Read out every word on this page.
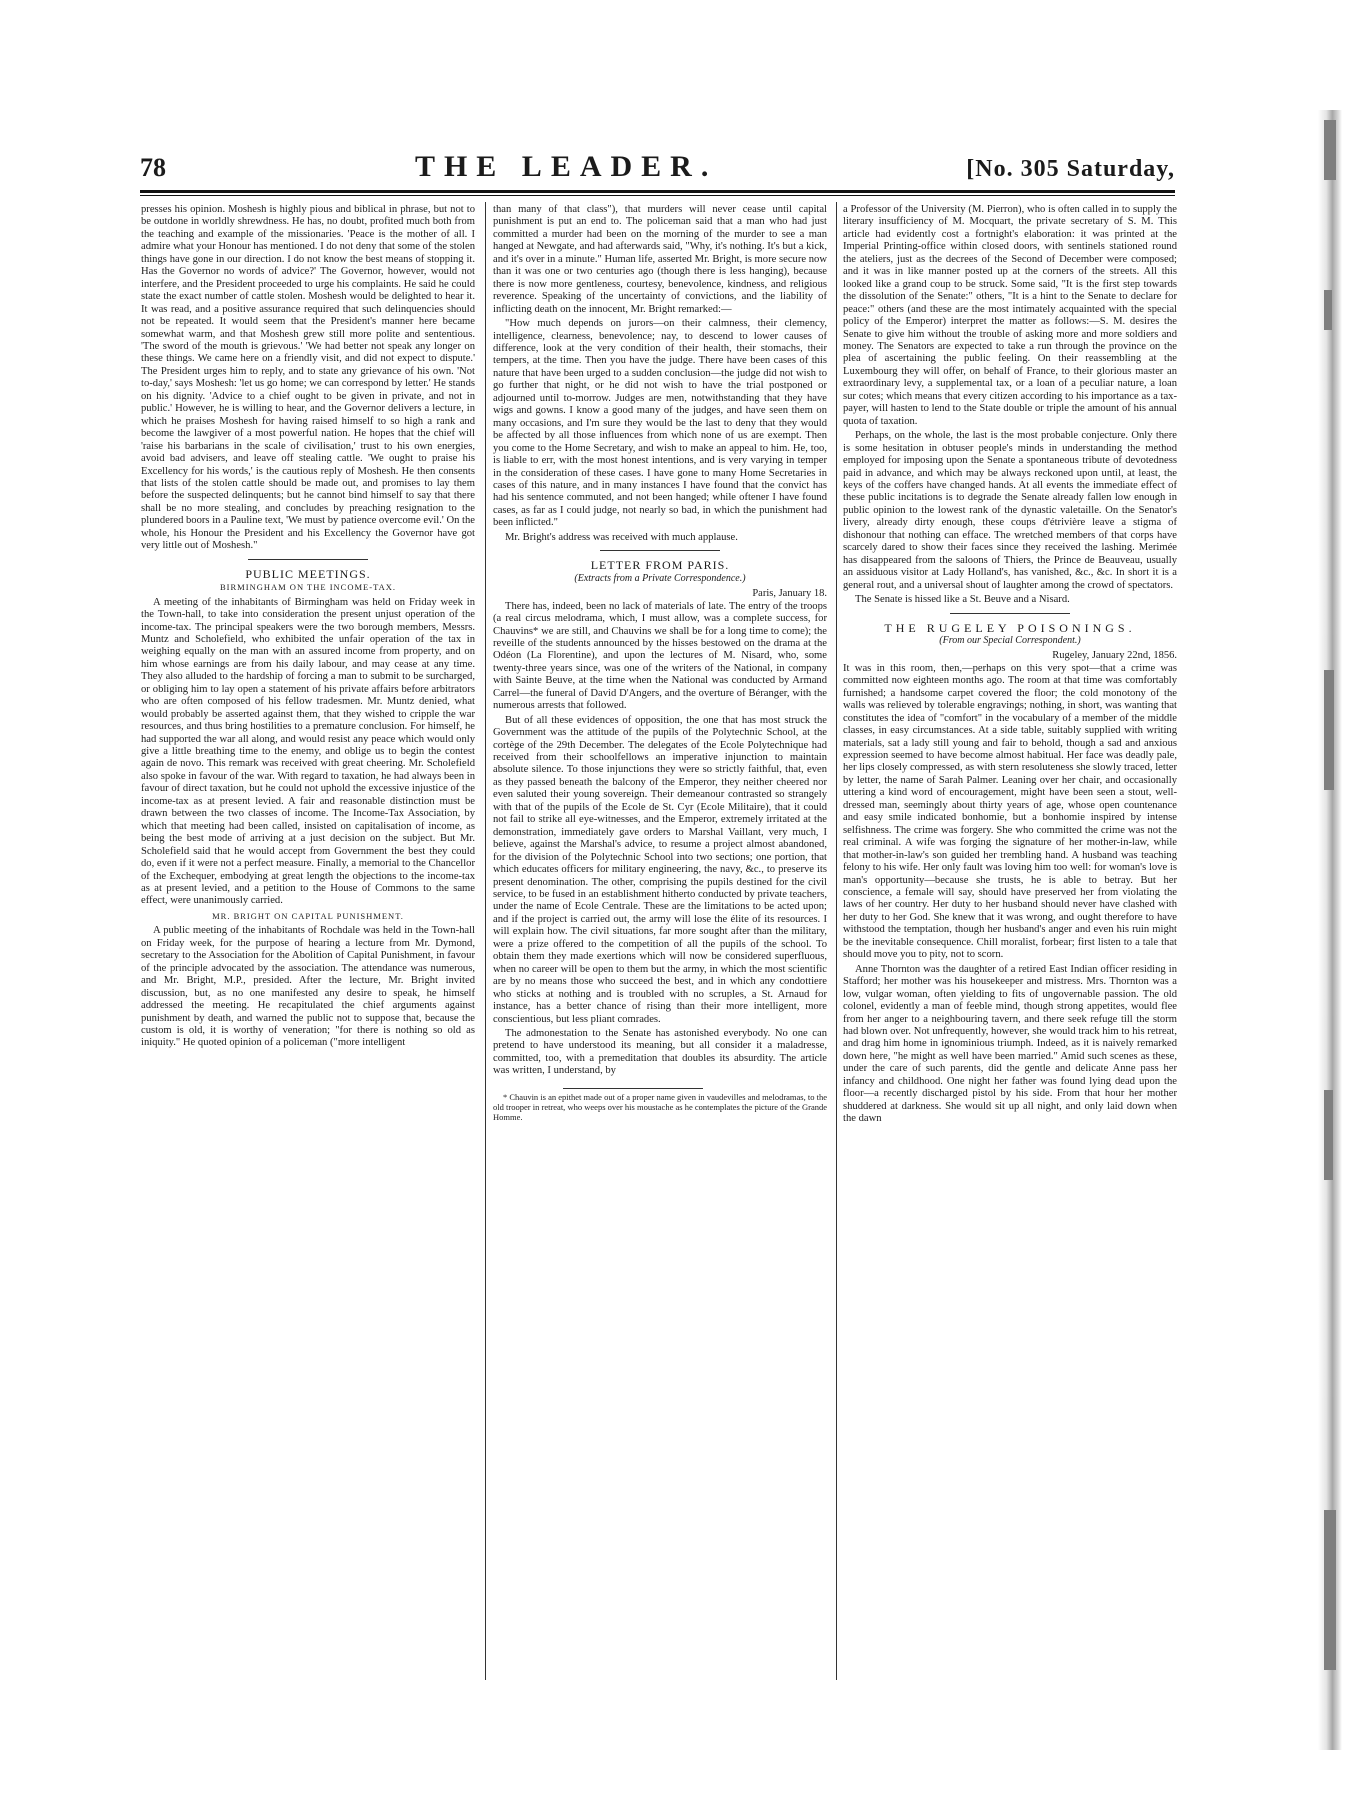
78	THE LEADER.	[No. 305 Saturday,

presses his opinion. Moshesh is highly pious and biblical in phrase, but not to be outdone in worldly shrewdness. He has, no doubt, profited much both from the teaching and example of the missionaries. 'Peace is the mother of all. I admire what your Honour has mentioned. I do not deny that some of the stolen things have gone in our direction. I do not know the best means of stopping it. Has the Governor no words of advice?' The Governor, however, would not interfere, and the President proceeded to urge his complaints. He said he could state the exact number of cattle stolen. Moshesh would be delighted to hear it. It was read, and a positive assurance required that such delinquencies should not be repeated. It would seem that the President's manner here became somewhat warm, and that Moshesh grew still more polite and sententious. 'The sword of the mouth is grievous.' 'We had better not speak any longer on these things. We came here on a friendly visit, and did not expect to dispute.' The President urges him to reply, and to state any grievance of his own. 'Not to-day,' says Moshesh: 'let us go home; we can correspond by letter.' He stands on his dignity. 'Advice to a chief ought to be given in private, and not in public.' However, he is willing to hear, and the Governor delivers a lecture, in which he praises Moshesh for having raised himself to so high a rank and become the lawgiver of a most powerful nation. He hopes that the chief will 'raise his barbarians in the scale of civilisation,' trust to his own energies, avoid bad advisers, and leave off stealing cattle. 'We ought to praise his Excellency for his words,' is the cautious reply of Moshesh. He then consents that lists of the stolen cattle should be made out, and promises to lay them before the suspected delinquents; but he cannot bind himself to say that there shall be no more stealing, and concludes by preaching resignation to the plundered boors in a Pauline text, 'We must by patience overcome evil.' On the whole, his Honour the President and his Excellency the Governor have got very little out of Moshesh."

PUBLIC MEETINGS.
BIRMINGHAM ON THE INCOME-TAX.

A meeting of the inhabitants of Birmingham was held on Friday week in the Town-hall, to take into consideration the present unjust operation of the income-tax. The principal speakers were the two borough members, Messrs. Muntz and Scholefield, who exhibited the unfair operation of the tax in weighing equally on the man with an assured income from property, and on him whose earnings are from his daily labour, and may cease at any time. They also alluded to the hardship of forcing a man to submit to be surcharged, or obliging him to lay open a statement of his private affairs before arbitrators who are often composed of his fellow tradesmen. Mr. Muntz denied, what would probably be asserted against them, that they wished to cripple the war resources, and thus bring hostilities to a premature conclusion. For himself, he had supported the war all along, and would resist any peace which would only give a little breathing time to the enemy, and oblige us to begin the contest again de novo. This remark was received with great cheering. Mr. Scholefield also spoke in favour of the war. With regard to taxation, he had always been in favour of direct taxation, but he could not uphold the excessive injustice of the income-tax as at present levied. A fair and reasonable distinction must be drawn between the two classes of income. The Income-Tax Association, by which that meeting had been called, insisted on capitalisation of income, as being the best mode of arriving at a just decision on the subject. But Mr. Scholefield said that he would accept from Government the best they could do, even if it were not a perfect measure. Finally, a memorial to the Chancellor of the Exchequer, embodying at great length the objections to the income-tax as at present levied, and a petition to the House of Commons to the same effect, were unanimously carried.

MR. BRIGHT ON CAPITAL PUNISHMENT.

A public meeting of the inhabitants of Rochdale was held in the Town-hall on Friday week, for the purpose of hearing a lecture from Mr. Dymond, secretary to the Association for the Abolition of Capital Punishment, in favour of the principle advocated by the association. The attendance was numerous, and Mr. Bright, M.P., presided. After the lecture, Mr. Bright invited discussion, but, as no one manifested any desire to speak, he himself addressed the meeting. He recapitulated the chief arguments against punishment by death, and warned the public not to suppose that, because the custom is old, it is worthy of veneration; "for there is nothing so old as iniquity." He quoted opinion of a policeman ("more intelligent

than many of that class"), that murders will never cease until capital punishment is put an end to. The policeman said that a man who had just committed a murder had been on the morning of the murder to see a man hanged at Newgate, and had afterwards said, "Why, it's nothing. It's but a kick, and it's over in a minute." Human life, asserted Mr. Bright, is more secure now than it was one or two centuries ago (though there is less hanging), because there is now more gentleness, courtesy, benevolence, kindness, and religious reverence. Speaking of the uncertainty of convictions, and the liability of inflicting death on the innocent, Mr. Bright remarked:—

"How much depends on jurors—on their calmness, their clemency, intelligence, clearness, benevolence; nay, to descend to lower causes of difference, look at the very condition of their health, their stomachs, their tempers, at the time. Then you have the judge. There have been cases of this nature that have been urged to a sudden conclusion—the judge did not wish to go further that night, or he did not wish to have the trial postponed or adjourned until to-morrow. Judges are men, notwithstanding that they have wigs and gowns. I know a good many of the judges, and have seen them on many occasions, and I'm sure they would be the last to deny that they would be affected by all those influences from which none of us are exempt. Then you come to the Home Secretary, and wish to make an appeal to him. He, too, is liable to err, with the most honest intentions, and is very varying in temper in the consideration of these cases. I have gone to many Home Secretaries in cases of this nature, and in many instances I have found that the convict has had his sentence commuted, and not been hanged; while oftener I have found cases, as far as I could judge, not nearly so bad, in which the punishment had been inflicted."

Mr. Bright's address was received with much applause.

LETTER FROM PARIS.
(Extracts from a Private Correspondence.)
Paris, January 18.

There has, indeed, been no lack of materials of late. The entry of the troops (a real circus melodrama, which, I must allow, was a complete success, for Chauvins* we are still, and Chauvins we shall be for a long time to come); the reveille of the students announced by the hisses bestowed on the drama at the Odéon (La Florentine), and upon the lectures of M. Nisard, who, some twenty-three years since, was one of the writers of the National, in company with Sainte Beuve, at the time when the National was conducted by Armand Carrel—the funeral of David D'Angers, and the overture of Béranger, with the numerous arrests that followed.

But of all these evidences of opposition, the one that has most struck the Government was the attitude of the pupils of the Polytechnic School, at the cortège of the 29th December. The delegates of the Ecole Polytechnique had received from their schoolfellows an imperative injunction to maintain absolute silence. To those injunctions they were so strictly faithful, that, even as they passed beneath the balcony of the Emperor, they neither cheered nor even saluted their young sovereign. Their demeanour contrasted so strangely with that of the pupils of the Ecole de St. Cyr (Ecole Militaire), that it could not fail to strike all eye-witnesses, and the Emperor, extremely irritated at the demonstration, immediately gave orders to Marshal Vaillant, very much, I believe, against the Marshal's advice, to resume a project almost abandoned, for the division of the Polytechnic School into two sections; one portion, that which educates officers for military engineering, the navy, &c., to preserve its present denomination. The other, comprising the pupils destined for the civil service, to be fused in an establishment hitherto conducted by private teachers, under the name of Ecole Centrale. These are the limitations to be acted upon; and if the project is carried out, the army will lose the élite of its resources. I will explain how. The civil situations, far more sought after than the military, were a prize offered to the competition of all the pupils of the school. To obtain them they made exertions which will now be considered superfluous, when no career will be open to them but the army, in which the most scientific are by no means those who succeed the best, and in which any condottiere who sticks at nothing and is troubled with no scruples, a St. Arnaud for instance, has a better chance of rising than their more intelligent, more conscientious, but less pliant comrades.

The admonestation to the Senate has astonished everybody. No one can pretend to have understood its meaning, but all consider it a maladresse, committed, too, with a premeditation that doubles its absurdity. The article was written, I understand, by

* Chauvin is an epithet made out of a proper name given in vaudevilles and melodramas, to the old trooper in retreat, who weeps over his moustache as he contemplates the picture of the Grande Homme.

a Professor of the University (M. Pierron), who is often called in to supply the literary insufficiency of M. Mocquart, the private secretary of S. M. This article had evidently cost a fortnight's elaboration: it was printed at the Imperial Printing-office within closed doors, with sentinels stationed round the ateliers, just as the decrees of the Second of December were composed; and it was in like manner posted up at the corners of the streets. All this looked like a grand coup to be struck. Some said, "It is the first step towards the dissolution of the Senate:" others, "It is a hint to the Senate to declare for peace:" others (and these are the most intimately acquainted with the special policy of the Emperor) interpret the matter as follows:—S. M. desires the Senate to give him without the trouble of asking more and more soldiers and money. The Senators are expected to take a run through the province on the plea of ascertaining the public feeling. On their reassembling at the Luxembourg they will offer, on behalf of France, to their glorious master an extraordinary levy, a supplemental tax, or a loan of a peculiar nature, a loan sur cotes; which means that every citizen according to his importance as a tax-payer, will hasten to lend to the State double or triple the amount of his annual quota of taxation.

Perhaps, on the whole, the last is the most probable conjecture. Only there is some hesitation in obtuser people's minds in understanding the method employed for imposing upon the Senate a spontaneous tribute of devotedness paid in advance, and which may be always reckoned upon until, at least, the keys of the coffers have changed hands. At all events the immediate effect of these public incitations is to degrade the Senate already fallen low enough in public opinion to the lowest rank of the dynastic valetaille. On the Senator's livery, already dirty enough, these coups d'étrivière leave a stigma of dishonour that nothing can efface. The wretched members of that corps have scarcely dared to show their faces since they received the lashing. Merimée has disappeared from the saloons of Thiers, the Prince de Beauveau, usually an assiduous visitor at Lady Holland's, has vanished, &c., &c. In short it is a general rout, and a universal shout of laughter among the crowd of spectators.

The Senate is hissed like a St. Beuve and a Nisard.

THE RUGELEY POISONINGS.
(From our Special Correspondent.)
Rugeley, January 22nd, 1856.

It was in this room, then,—perhaps on this very spot—that a crime was committed now eighteen months ago. The room at that time was comfortably furnished; a handsome carpet covered the floor; the cold monotony of the walls was relieved by tolerable engravings; nothing, in short, was wanting that constitutes the idea of "comfort" in the vocabulary of a member of the middle classes, in easy circumstances. At a side table, suitably supplied with writing materials, sat a lady still young and fair to behold, though a sad and anxious expression seemed to have become almost habitual. Her face was deadly pale, her lips closely compressed, as with stern resoluteness she slowly traced, letter by letter, the name of Sarah Palmer. Leaning over her chair, and occasionally uttering a kind word of encouragement, might have been seen a stout, well-dressed man, seemingly about thirty years of age, whose open countenance and easy smile indicated bonhomie, but a bonhomie inspired by intense selfishness. The crime was forgery. She who committed the crime was not the real criminal. A wife was forging the signature of her mother-in-law, while that mother-in-law's son guided her trembling hand. A husband was teaching felony to his wife. Her only fault was loving him too well: for woman's love is man's opportunity—because she trusts, he is able to betray. But her conscience, a female will say, should have preserved her from violating the laws of her country. Her duty to her husband should never have clashed with her duty to her God. She knew that it was wrong, and ought therefore to have withstood the temptation, though her husband's anger and even his ruin might be the inevitable consequence. Chill moralist, forbear; first listen to a tale that should move you to pity, not to scorn.

Anne Thornton was the daughter of a retired East Indian officer residing in Stafford; her mother was his housekeeper and mistress. Mrs. Thornton was a low, vulgar woman, often yielding to fits of ungovernable passion. The old colonel, evidently a man of feeble mind, though strong appetites, would flee from her anger to a neighbouring tavern, and there seek refuge till the storm had blown over. Not unfrequently, however, she would track him to his retreat, and drag him home in ignominious triumph. Indeed, as it is naively remarked down here, "he might as well have been married." Amid such scenes as these, under the care of such parents, did the gentle and delicate Anne pass her infancy and childhood. One night her father was found lying dead upon the floor—a recently discharged pistol by his side. From that hour her mother shuddered at darkness. She would sit up all night, and only laid down when the dawn
